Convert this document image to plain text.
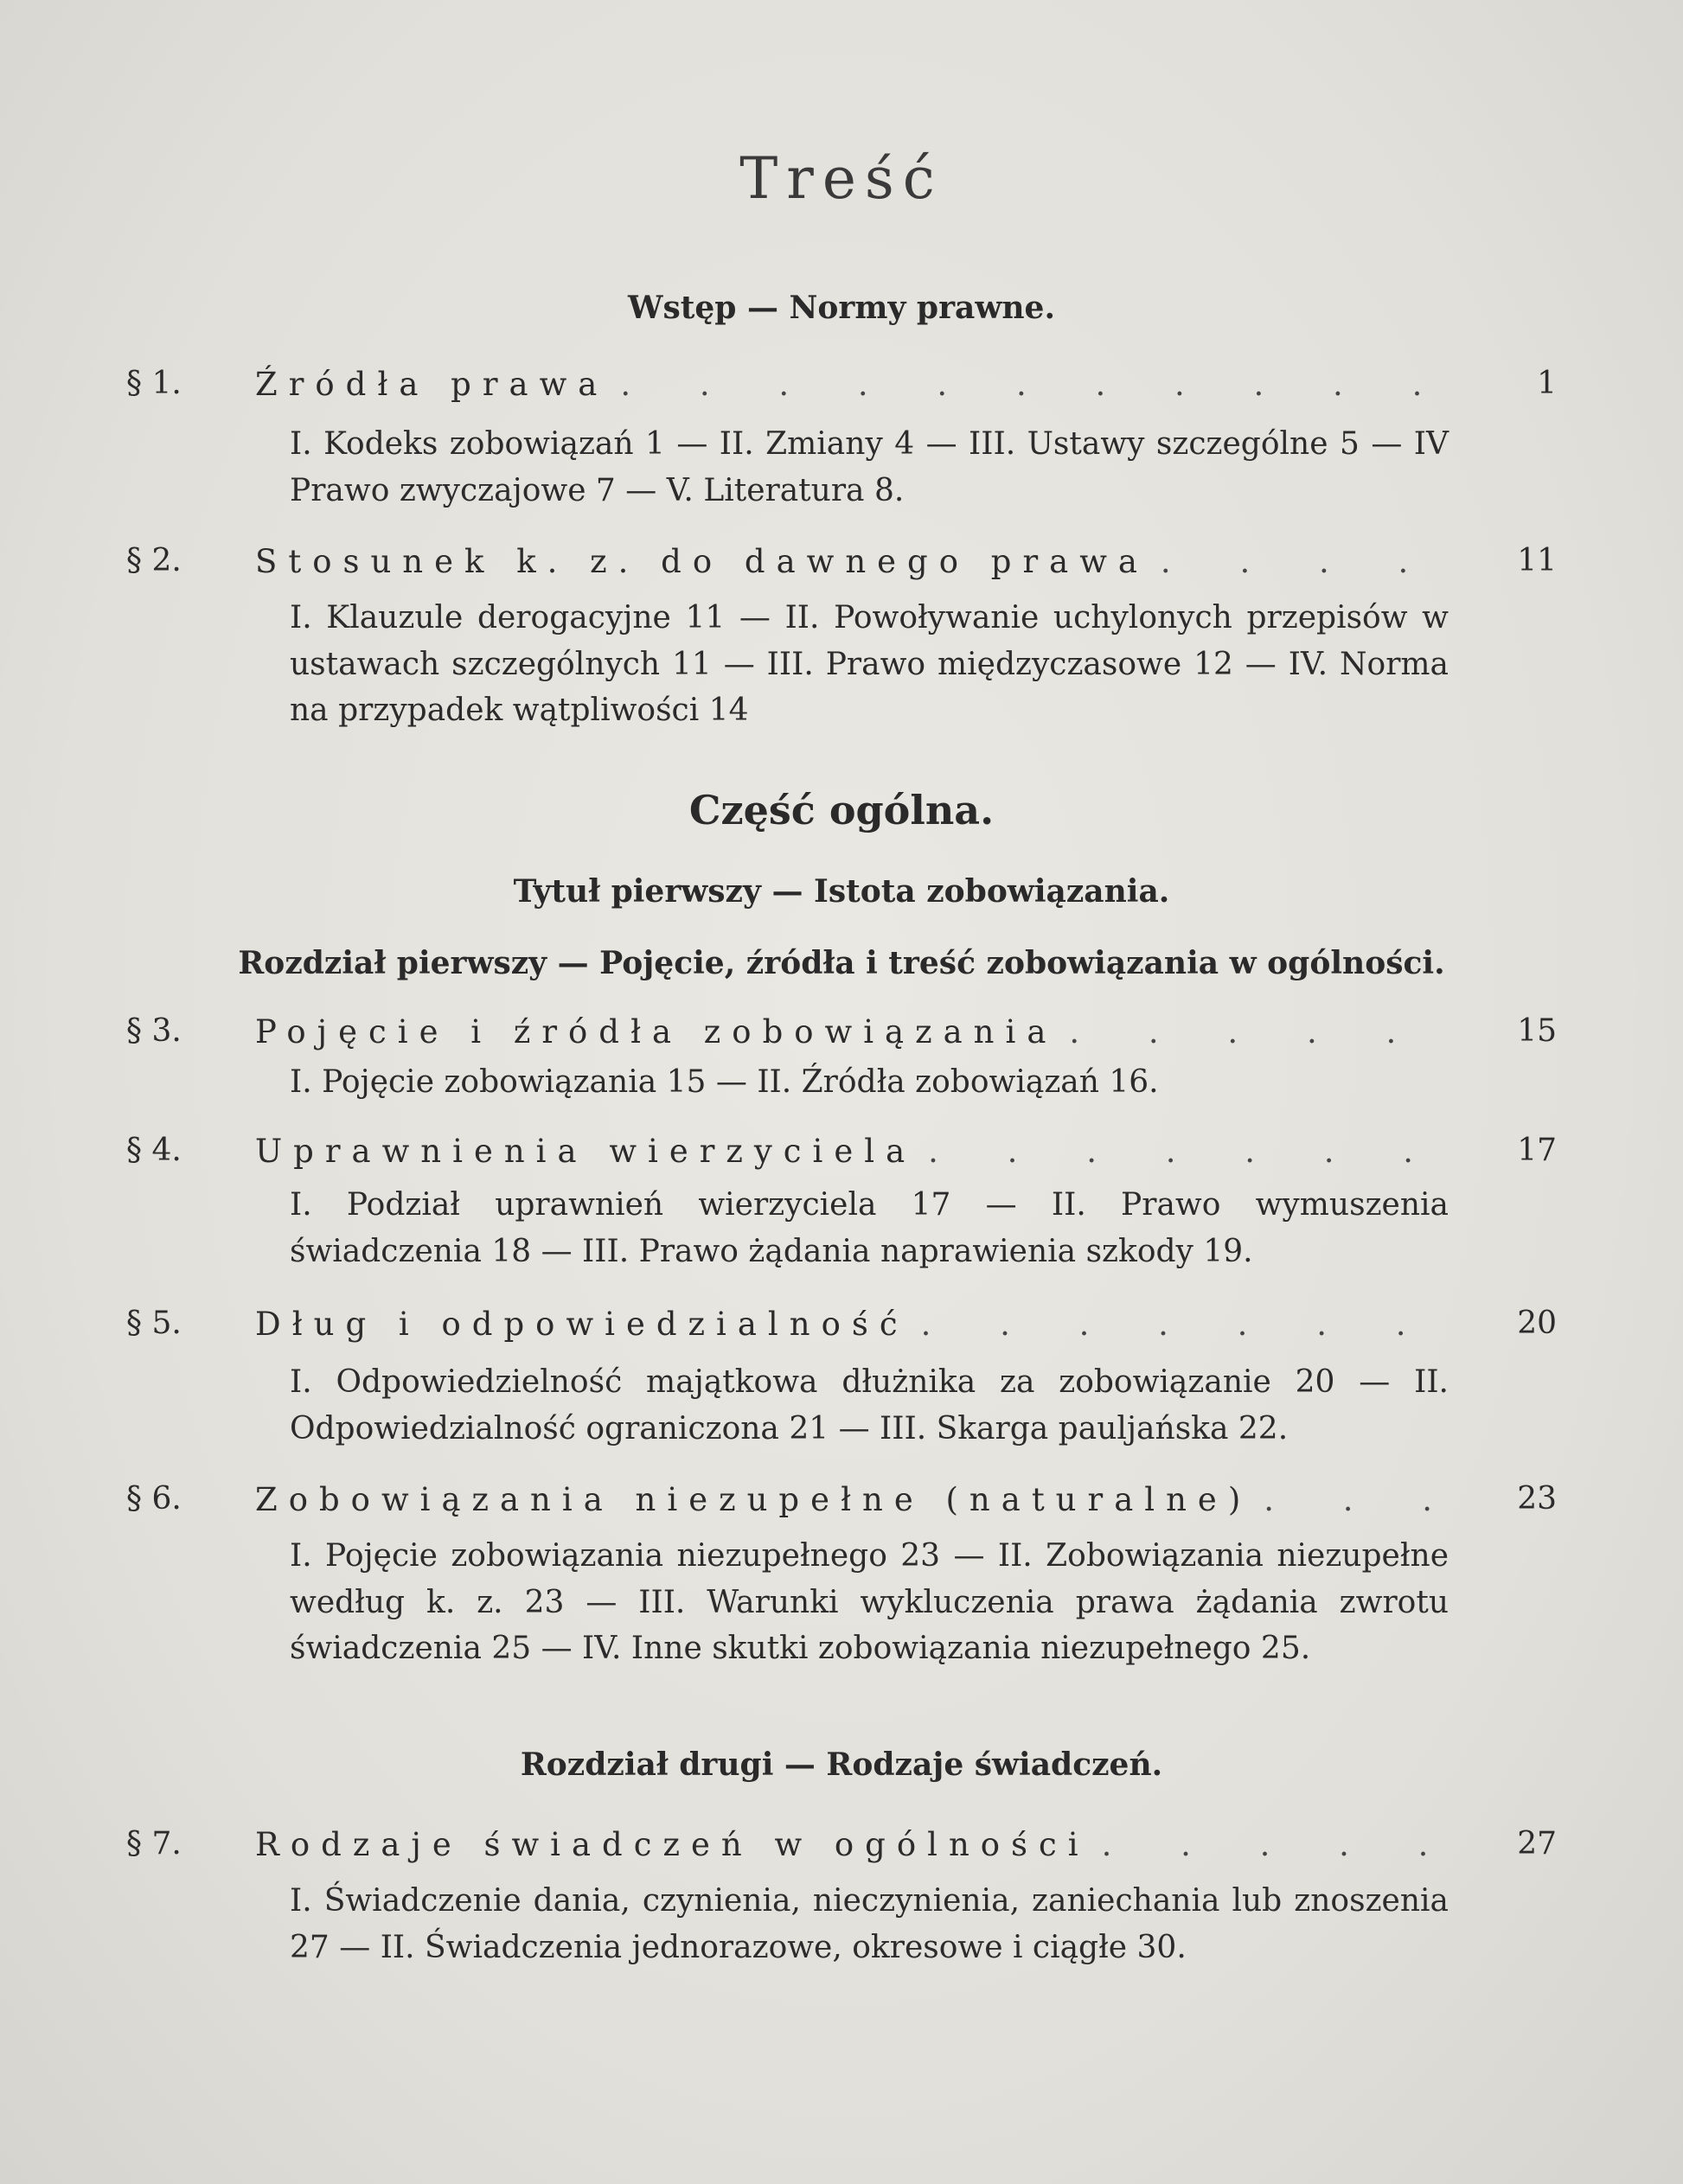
Treść
Wstęp — Normy prawne.
§ 1. Źródła prawa . . .	1
I. Kodeks zobowiązań 1 — II. Zmiany 4 — III. Ustawy szczególne 5 — IV Prawo zwyczajowe 7 — V. Literatura 8.
§ 2. Stosunek k. z. do dawnego prawa . . .	11
I. Klauzule derogacyjne 11 — II. Powoływanie uchylonych przepisów w ustawach szczególnych 11 — III. Prawo międzyczasowe 12 — IV. Norma na przypadek wątpliwości 14
Część ogólna.
Tytuł pierwszy — Istota zobowiązania.
Rozdział pierwszy — Pojęcie, źródła i treść zobowiązania w ogólności.
§ 3. Pojęcie i źródła zobowiązania . . .	15
I. Pojęcie zobowiązania 15 — II. Źródła zobowiązań 16.
§ 4. Uprawnienia wierzyciela . . .	17
I. Podział uprawnień wierzyciela 17 — II. Prawo wymuszenia świadczenia 18 — III. Prawo żądania naprawienia szkody 19.
§ 5. Dług i odpowiedzialność . . .	20
I. Odpowiedzielność majątkowa dłużnika za zobowiązanie 20 — II. Odpowiedzialność ograniczona 21 — III. Skarga pauljańska 22.
§ 6. Zobowiązania niezupełne (naturalne) . . .	23
I. Pojęcie zobowiązania niezupełnego 23 — II. Zobowiązania niezupełne według k. z. 23 — III. Warunki wykluczenia prawa żądania zwrotu świadczenia 25 — IV. Inne skutki zobowiązania niezupełnego 25.
Rozdział drugi — Rodzaje świadczeń.
§ 7. Rodzaje świadczeń w ogólności . . .	27
I. Świadczenie dania, czynienia, nieczynienia, zaniechania lub znoszenia 27 — II. Świadczenia jednorazowe, okresowe i ciągłe 30.
